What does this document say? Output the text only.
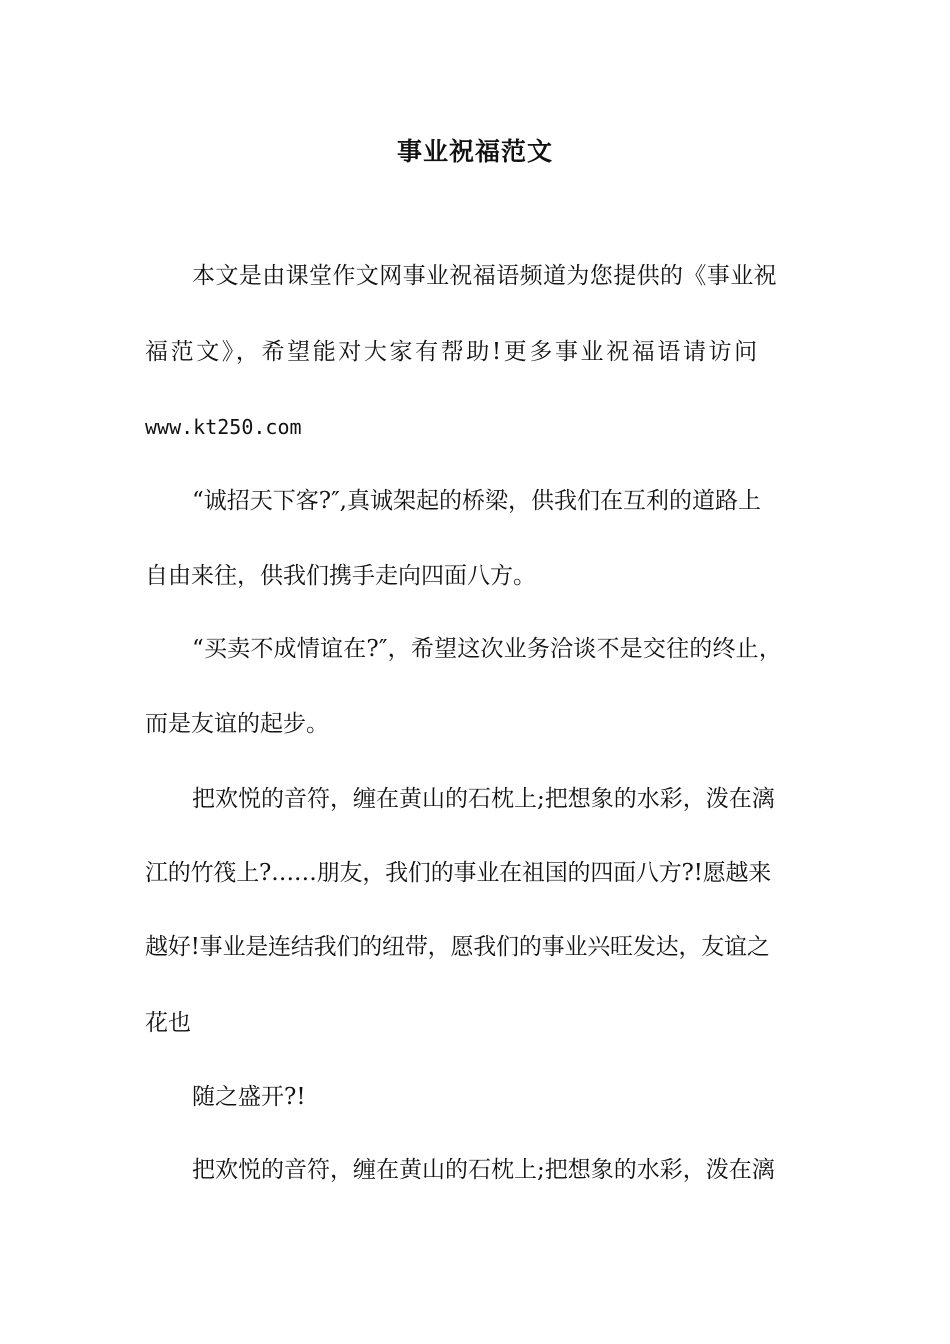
事业祝福范文
本文是由课堂作文网事业祝福语频道为您提供的《事业祝
福范文》，希望能对大家有帮助!更多事业祝福语请访问
www.kt250.com
“诚招天下客?″,真诚架起的桥梁，供我们在互利的道路上
自由来往，供我们携手走向四面八方。
“买卖不成情谊在?″，希望这次业务洽谈不是交往的终止，
而是友谊的起步。
把欢悦的音符，缠在黄山的石枕上;把想象的水彩，泼在漓
江的竹筏上?……朋友，我们的事业在祖国的四面八方?!愿越来
越好!事业是连结我们的纽带，愿我们的事业兴旺发达，友谊之
花也
随之盛开?!
把欢悦的音符，缠在黄山的石枕上;把想象的水彩，泼在漓
